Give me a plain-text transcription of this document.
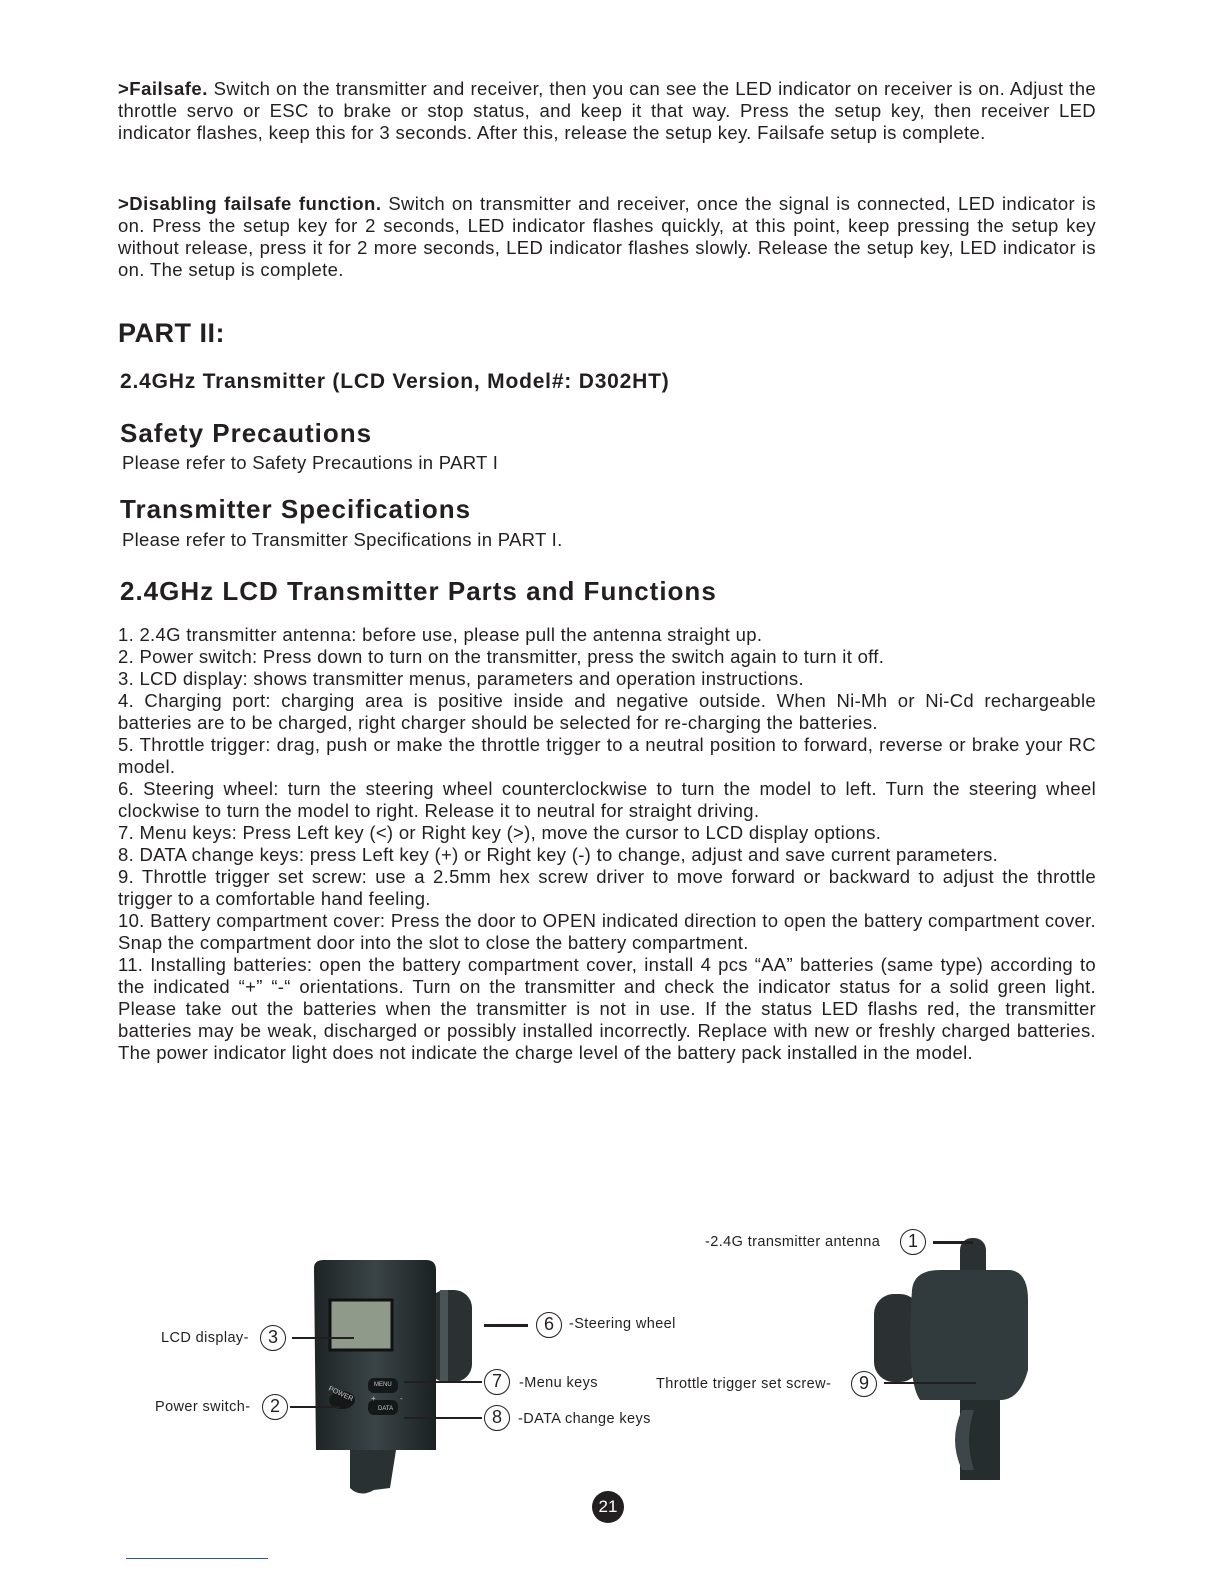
>Failsafe. Switch on the transmitter and receiver, then you can see the LED indicator on receiver is on. Adjust the throttle servo or ESC to brake or stop status, and keep it that way. Press the setup key, then receiver LED indicator flashes, keep this for 3 seconds. After this, release the setup key. Failsafe setup is complete.

>Disabling failsafe function. Switch on transmitter and receiver, once the signal is connected, LED indicator is on. Press the setup key for 2 seconds, LED indicator flashes quickly, at this point, keep pressing the setup key without release, press it for 2 more seconds, LED indicator flashes slowly. Release the setup key, LED indicator is on. The setup is complete.

PART II:
2.4GHz Transmitter (LCD Version, Model#: D302HT)
Safety Precautions

Please refer to Safety Precautions in PART I

Transmitter Specifications

Please refer to Transmitter Specifications in PART I.

2.4GHz LCD Transmitter Parts and Functions
1. 2.4G transmitter antenna: before use, please pull the antenna straight up.
2. Power switch: Press down to turn on the transmitter, press the switch again to turn it off.
3. LCD display: shows transmitter menus, parameters and operation instructions.
4. Charging port: charging area is positive inside and negative outside. When Ni-Mh or Ni-Cd rechargeable batteries are to be charged, right charger should be selected for re-charging the batteries.
5. Throttle trigger: drag, push or make the throttle trigger to a neutral position to forward, reverse or brake your RC model.
6. Steering wheel: turn the steering wheel counterclockwise to turn the model to left. Turn the steering wheel clockwise to turn the model to right. Release it to neutral for straight driving.
7. Menu keys: Press Left key (<) or Right key (>), move the cursor to LCD display options.
8. DATA change keys: press Left key (+) or Right key (-) to change, adjust and save current parameters.
9. Throttle trigger set screw: use a 2.5mm hex screw driver to move forward or backward to adjust the throttle trigger to a comfortable hand feeling.
10. Battery compartment cover: Press the door to OPEN indicated direction to open the battery compartment cover. Snap the compartment door into the slot to close the battery compartment.
11. Installing batteries: open the battery compartment cover, install 4 pcs “AA” batteries (same type) according to the indicated “+” “-“ orientations. Turn on the transmitter and check the indicator status for a solid green light. Please take out the batteries when the transmitter is not in use. If the status LED flashs red, the transmitter batteries may be weak, discharged or possibly installed incorrectly. Replace with new or freshly charged batteries. The power indicator light does not indicate the charge level of the battery pack installed in the model.
POWER
MENU
DATA
+	-
LCD display-	3
Power switch-	2
6	-Steering wheel
7	-Menu keys
8	-DATA change keys
-2.4G transmitter antenna	1
Throttle trigger set screw-	9
21
